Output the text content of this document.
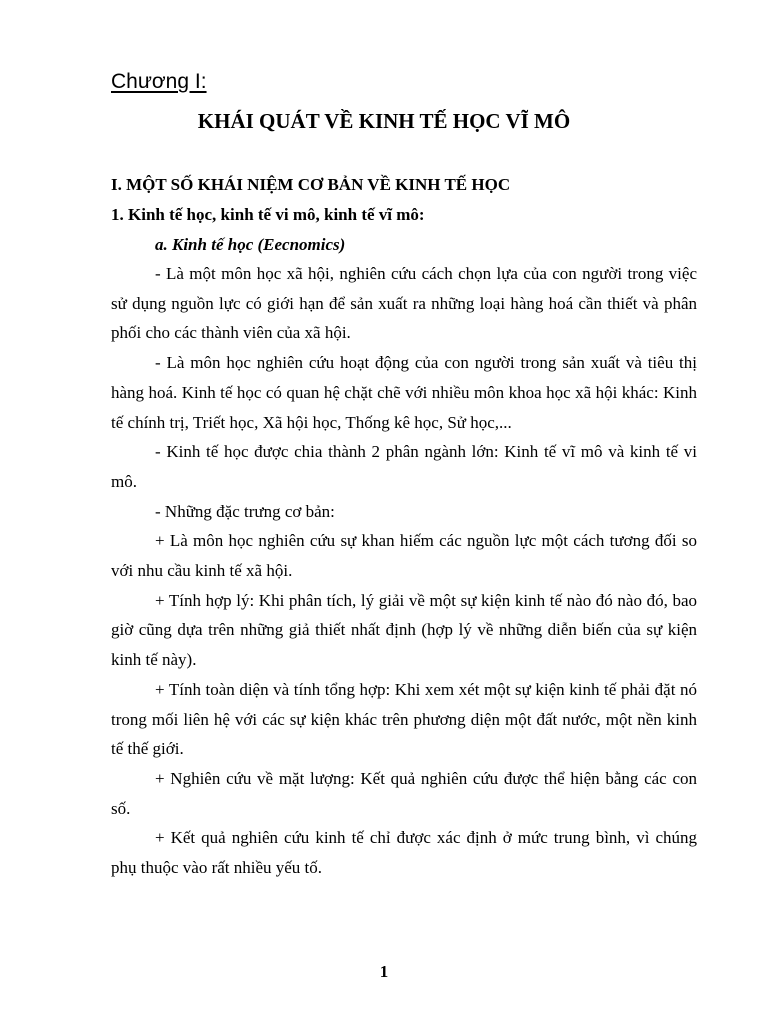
Chương I:
KHÁI QUÁT VỀ KINH TẾ HỌC VĨ MÔ
I. MỘT SỐ KHÁI NIỆM CƠ BẢN VỀ KINH TẾ HỌC
1. Kinh tế học, kinh tế vi mô, kinh tế vĩ mô:
a. Kinh tế học (Eecnomics)

- Là một môn học xã hội, nghiên cứu cách chọn lựa của con người trong việc sử dụng nguồn lực có giới hạn để sản xuất ra những loại hàng hoá cần thiết và phân phối cho các thành viên của xã hội.

- Là môn học nghiên cứu hoạt động của con người trong sản xuất và tiêu thị hàng hoá. Kinh tế học có quan hệ chặt chẽ với nhiều môn khoa học xã hội khác: Kinh tế chính trị, Triết học, Xã hội học, Thống kê học, Sử học,...

- Kinh tế học được chia thành 2 phân ngành lớn: Kinh tế vĩ mô và kinh tế vi mô.

- Những đặc trưng cơ bản:

+ Là môn học nghiên cứu sự khan hiếm các nguồn lực một cách tương đối so với nhu cầu kinh tế xã hội.

+ Tính hợp lý: Khi phân tích, lý giải về một sự kiện kinh tế nào đó nào đó, bao giờ cũng dựa trên những giả thiết nhất định (hợp lý về những diễn biến của sự kiện kinh tế này).

+ Tính toàn diện và tính tổng hợp: Khi xem xét một sự kiện kinh tế phải đặt nó trong mối liên hệ với các sự kiện khác trên phương diện một đất nước, một nền kinh tế thế giới.

+ Nghiên cứu về mặt lượng: Kết quả nghiên cứu được thể hiện bằng các con số.

+ Kết quả nghiên cứu kinh tế chỉ được xác định ở mức trung bình, vì chúng phụ thuộc vào rất nhiều yếu tố.

1
